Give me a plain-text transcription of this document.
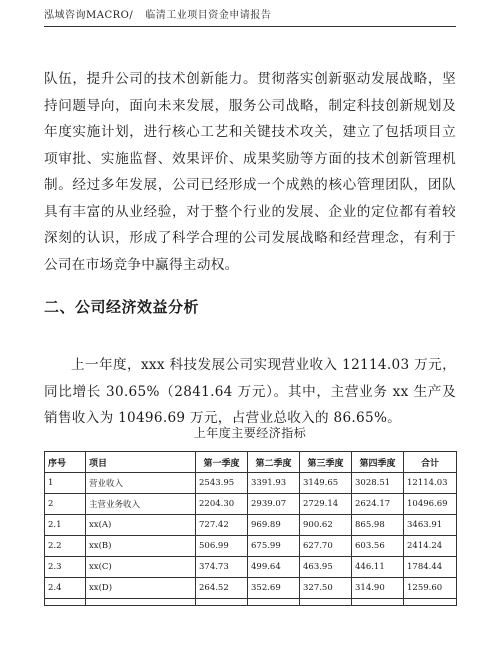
泓域咨询MACRO/ 临清工业项目资金申请报告

队伍，提升公司的技术创新能力。贯彻落实创新驱动发展战略，坚持问题导向，面向未来发展，服务公司战略，制定科技创新规划及年度实施计划，进行核心工艺和关键技术攻关，建立了包括项目立项审批、实施监督、效果评价、成果奖励等方面的技术创新管理机制。经过多年发展，公司已经形成一个成熟的核心管理团队，团队具有丰富的从业经验，对于整个行业的发展、企业的定位都有着较深刻的认识，形成了科学合理的公司发展战略和经营理念，有利于公司在市场竞争中赢得主动权。

二、公司经济效益分析

上一年度，xxx 科技发展公司实现营业收入 12114.03 万元，同比增长 30.65%（2841.64 万元）。其中，主营业务 xx 生产及销售收入为 10496.69 万元，占营业总收入的 86.65%。

上年度主要经济指标
序号	项目	第一季度	第二季度	第三季度	第四季度	合计
1	营业收入	2543.95	3391.93	3149.65	3028.51	12114.03
2	主营业务收入	2204.30	2939.07	2729.14	2624.17	10496.69
2.1	xx(A)	727.42	969.89	900.62	865.98	3463.91
2.2	xx(B)	506.99	675.99	627.70	603.56	2414.24
2.3	xx(C)	374.73	499.64	463.95	446.11	1784.44
2.4	xx(D)	264.52	352.69	327.50	314.90	1259.60
